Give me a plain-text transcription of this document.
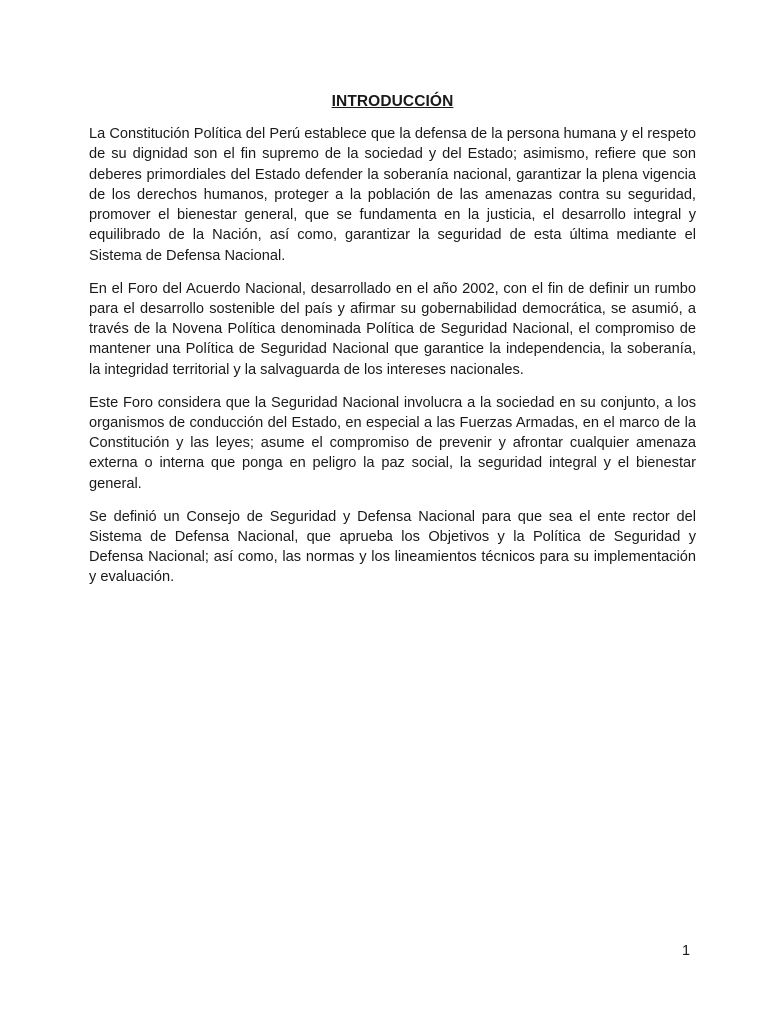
INTRODUCCIÓN

La Constitución Política del Perú establece que la defensa de la persona humana y el respeto de su dignidad son el fin supremo de la sociedad y del Estado; asimismo, refiere que son deberes primordiales del Estado defender la soberanía nacional, garantizar la plena vigencia de los derechos humanos, proteger a la población de las amenazas contra su seguridad, promover el bienestar general, que se fundamenta en la justicia, el desarrollo integral y equilibrado de la Nación, así como, garantizar la seguridad de esta última mediante el Sistema de Defensa Nacional.

En el Foro del Acuerdo Nacional, desarrollado en el año 2002, con el fin de definir un rumbo para el desarrollo sostenible del país y afirmar su gobernabilidad democrática, se asumió, a través de la Novena Política denominada Política de Seguridad Nacional, el compromiso de mantener una Política de Seguridad Nacional que garantice la independencia, la soberanía, la integridad territorial y la salvaguarda de los intereses nacionales.

Este Foro considera que la Seguridad Nacional involucra a la sociedad en su conjunto, a los organismos de conducción del Estado, en especial a las Fuerzas Armadas, en el marco de la Constitución y las leyes; asume el compromiso de prevenir y afrontar cualquier amenaza externa o interna que ponga en peligro la paz social, la seguridad integral y el bienestar general.

Se definió un Consejo de Seguridad y Defensa Nacional para que sea el ente rector del Sistema de Defensa Nacional, que aprueba los Objetivos y la Política de Seguridad y Defensa Nacional; así como, las normas y los lineamientos técnicos para su implementación y evaluación.

1
